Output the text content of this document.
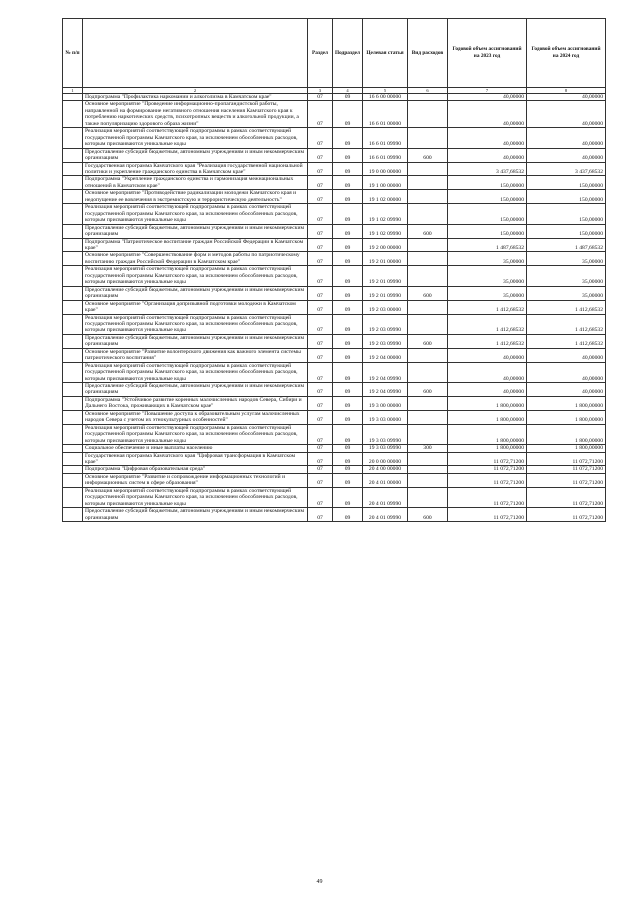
№ п/п		Раздел	Подраздел	Целевая статья	Вид расходов	Годовой объем ассигнований на 2023 год	Годовой объем ассигнований на 2024 год
1	2	3	4	5	6	7	8
	Подпрограмма "Профилактика наркомании и алкоголизма в Камчатском крае"	07	09	16 6 00 00000		40,00000	40,00000
	Основное мероприятие "Проведение информационно-пропагандистской работы, направленной на формирование негативного отношения населения Камчатского края к потреблению наркотических средств, психотропных веществ и алкогольной продукции, а также популяризацию здорового образа жизни"	07	09	16 6 01 00000		40,00000	40,00000
	Реализация мероприятий соответствующей подпрограммы в рамках соответствующей государственной программы Камчатского края, за исключением обособленных расходов, которым присваиваются уникальные коды	07	09	16 6 01 09990		40,00000	40,00000
	Предоставление субсидий бюджетным, автономным учреждениям и иным некоммерческим организациям	07	09	16 6 01 09990	600	40,00000	40,00000
	Государственная программа Камчатского края "Реализация государственной национальной политики и укрепление гражданского единства в Камчатском крае"	07	09	19 0 00 00000		3 437,68532	3 437,68532
	Подпрограмма "Укрепление гражданского единства и гармонизация межнациональных отношений в Камчатском крае"	07	09	19 1 00 00000		150,00000	150,00000
	Основное мероприятие "Противодействие радикализации молодежи Камчатского края и недопущение ее вовлечения в экстремистскую и террористическую деятельность"	07	09	19 1 02 00000		150,00000	150,00000
	Реализация мероприятий соответствующей подпрограммы в рамках соответствующей государственной программы Камчатского края, за исключением обособленных расходов, которым присваиваются уникальные коды	07	09	19 1 02 09990		150,00000	150,00000
	Предоставление субсидий бюджетным, автономным учреждениям и иным некоммерческим организациям	07	09	19 1 02 09990	600	150,00000	150,00000
	Подпрограмма "Патриотическое воспитание граждан Российской Федерации в Камчатском крае"	07	09	19 2 00 00000		1 487,68532	1 487,68532
	Основное мероприятие "Совершенствование форм и методов работы по патриотическому воспитанию граждан Российской Федерации в Камчатском крае"	07	09	19 2 01 00000		35,00000	35,00000
	Реализация мероприятий соответствующей подпрограммы в рамках соответствующей государственной программы Камчатского края, за исключением обособленных расходов, которым присваиваются уникальные коды	07	09	19 2 01 09990		35,00000	35,00000
	Предоставление субсидий бюджетным, автономным учреждениям и иным некоммерческим организациям	07	09	19 2 01 09990	600	35,00000	35,00000
	Основное мероприятие "Организация допризывной подготовки молодежи в Камчатском крае"	07	09	19 2 03 00000		1 412,68532	1 412,68532
	Реализация мероприятий соответствующей подпрограммы в рамках соответствующей государственной программы Камчатского края, за исключением обособленных расходов, которым присваиваются уникальные коды	07	09	19 2 03 09990		1 412,68532	1 412,68532
	Предоставление субсидий бюджетным, автономным учреждениям и иным некоммерческим организациям	07	09	19 2 03 09990	600	1 412,68532	1 412,68532
	Основное мероприятие "Развитие волонтерского движения как важного элемента системы патриотического воспитания"	07	09	19 2 04 00000		40,00000	40,00000
	Реализация мероприятий соответствующей подпрограммы в рамках соответствующей государственной программы Камчатского края, за исключением обособленных расходов, которым присваиваются уникальные коды	07	09	19 2 04 09990		40,00000	40,00000
	Предоставление субсидий бюджетным, автономным учреждениям и иным некоммерческим организациям	07	09	19 2 04 09990	600	40,00000	40,00000
	Подпрограмма "Устойчивое развитие коренных малочисленных народов Севера, Сибири и Дальнего Востока, проживающих в Камчатском крае"	07	09	19 3 00 00000		1 800,00000	1 800,00000
	Основное мероприятие "Повышение доступа к образовательным услугам малочисленных народов Севера с учетом их этнокультурных особенностей"	07	09	19 3 03 00000		1 800,00000	1 800,00000
	Реализация мероприятий соответствующей подпрограммы в рамках соответствующей государственной программы Камчатского края, за исключением обособленных расходов, которым присваиваются уникальные коды	07	09	19 3 03 09990		1 800,00000	1 800,00000
	Социальное обеспечение и иные выплаты населению	07	09	19 3 03 09990	300	1 800,00000	1 800,00000
	Государственная программа Камчатского края "Цифровая трансформация в Камчатском крае"	07	09	20 0 00 00000		11 072,71200	11 072,71200
	Подпрограмма "Цифровая образовательная среда"	07	09	20 4 00 00000		11 072,71200	11 072,71200
	Основное мероприятие "Развитие и сопровождение информационных технологий и информационных систем в сфере образования"	07	09	20 4 01 00000		11 072,71200	11 072,71200
	Реализация мероприятий соответствующей подпрограммы в рамках соответствующей государственной программы Камчатского края, за исключением обособленных расходов, которым присваиваются уникальные коды	07	09	20 4 01 09990		11 072,71200	11 072,71200
	Предоставление субсидий бюджетным, автономным учреждениям и иным некоммерческим организациям	07	09	20 4 01 09990	600	11 072,71200	11 072,71200
49
